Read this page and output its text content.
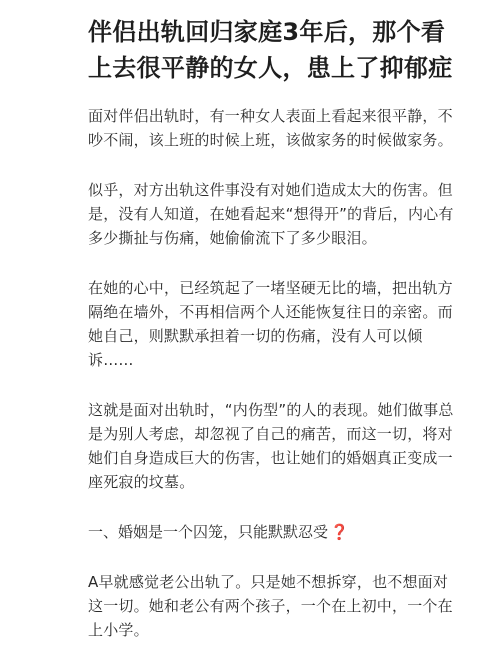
伴侣出轨回归家庭3年后，那个看上去很平静的女人，患上了抑郁症

面对伴侣出轨时，有一种女人表面上看起来很平静，不吵不闹，该上班的时候上班，该做家务的时候做家务。

似乎，对方出轨这件事没有对她们造成太大的伤害。但是，没有人知道，在她看起来“想得开”的背后，内心有多少撕扯与伤痛，她偷偷流下了多少眼泪。

在她的心中，已经筑起了一堵坚硬无比的墙，把出轨方隔绝在墙外，不再相信两个人还能恢复往日的亲密。而她自己，则默默承担着一切的伤痛，没有人可以倾诉……

这就是面对出轨时，“内伤型”的人的表现。她们做事总是为别人考虑，却忽视了自己的痛苦，而这一切，将对她们自身造成巨大的伤害，也让她们的婚姻真正变成一座死寂的坟墓。

一、婚姻是一个囚笼，只能默默忍受 ❓

A早就感觉老公出轨了。只是她不想拆穿，也不想面对这一切。她和老公有两个孩子，一个在上初中，一个在上小学。
